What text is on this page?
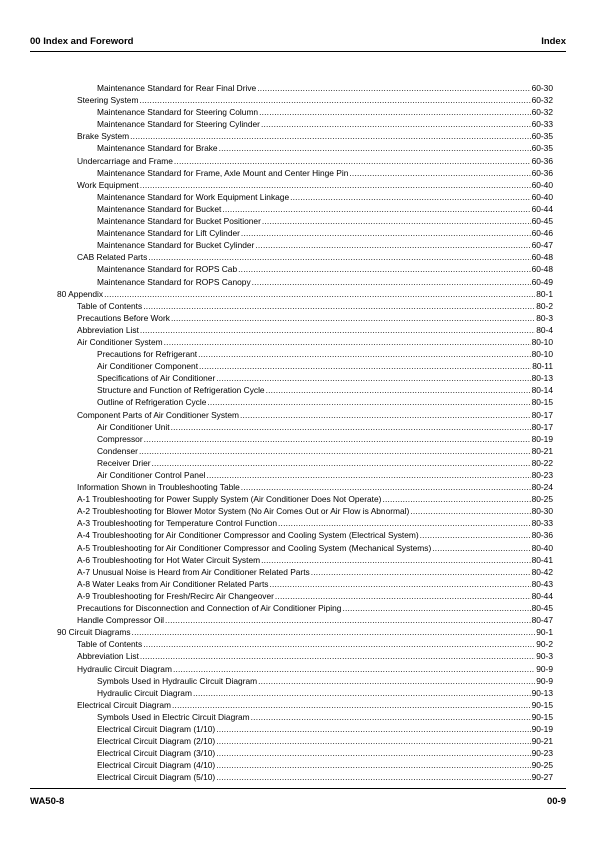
00 Index and Foreword	Index
Maintenance Standard for Rear Final Drive .....	60-30
Steering System .....	60-32
Maintenance Standard for Steering Column .....	60-32
Maintenance Standard for Steering Cylinder .....	60-33
Brake System .....	60-35
Maintenance Standard for Brake .....	60-35
Undercarriage and Frame .....	60-36
Maintenance Standard for Frame, Axle Mount and Center Hinge Pin .....	60-36
Work Equipment .....	60-40
Maintenance Standard for Work Equipment Linkage .....	60-40
Maintenance Standard for Bucket .....	60-44
Maintenance Standard for Bucket Positioner .....	60-45
Maintenance Standard for Lift Cylinder .....	60-46
Maintenance Standard for Bucket Cylinder .....	60-47
CAB Related Parts .....	60-48
Maintenance Standard for ROPS Cab .....	60-48
Maintenance Standard for ROPS Canopy .....	60-49
80 Appendix .....	80-1
Table of Contents .....	80-2
Precautions Before Work .....	80-3
Abbreviation List .....	80-4
Air Conditioner System .....	80-10
Precautions for Refrigerant .....	80-10
Air Conditioner Component .....	80-11
Specifications of Air Conditioner .....	80-13
Structure and Function of Refrigeration Cycle .....	80-14
Outline of Refrigeration Cycle .....	80-15
Component Parts of Air Conditioner System .....	80-17
Air Conditioner Unit .....	80-17
Compressor .....	80-19
Condenser .....	80-21
Receiver Drier .....	80-22
Air Conditioner Control Panel .....	80-23
Information Shown in Troubleshooting Table .....	80-24
A-1 Troubleshooting for Power Supply System (Air Conditioner Does Not Operate) .....	80-25
A-2 Troubleshooting for Blower Motor System (No Air Comes Out or Air Flow is Abnormal) .....	80-30
A-3 Troubleshooting for Temperature Control Function .....	80-33
A-4 Troubleshooting for Air Conditioner Compressor and Cooling System (Electrical System) .....	80-36
A-5 Troubleshooting for Air Conditioner Compressor and Cooling System (Mechanical Systems) .....	80-40
A-6 Troubleshooting for Hot Water Circuit System .....	80-41
A-7 Unusual Noise is Heard from Air Conditioner Related Parts .....	80-42
A-8 Water Leaks from Air Conditioner Related Parts .....	80-43
A-9 Troubleshooting for Fresh/Recirc Air Changeover .....	80-44
Precautions for Disconnection and Connection of Air Conditioner Piping .....	80-45
Handle Compressor Oil .....	80-47
90 Circuit Diagrams .....	90-1
Table of Contents .....	90-2
Abbreviation List .....	90-3
Hydraulic Circuit Diagram .....	90-9
Symbols Used in Hydraulic Circuit Diagram .....	90-9
Hydraulic Circuit Diagram .....	90-13
Electrical Circuit Diagram .....	90-15
Symbols Used in Electric Circuit Diagram .....	90-15
Electrical Circuit Diagram (1/10) .....	90-19
Electrical Circuit Diagram (2/10) .....	90-21
Electrical Circuit Diagram (3/10) .....	90-23
Electrical Circuit Diagram (4/10) .....	90-25
Electrical Circuit Diagram (5/10) .....	90-27
WA50-8	00-9
